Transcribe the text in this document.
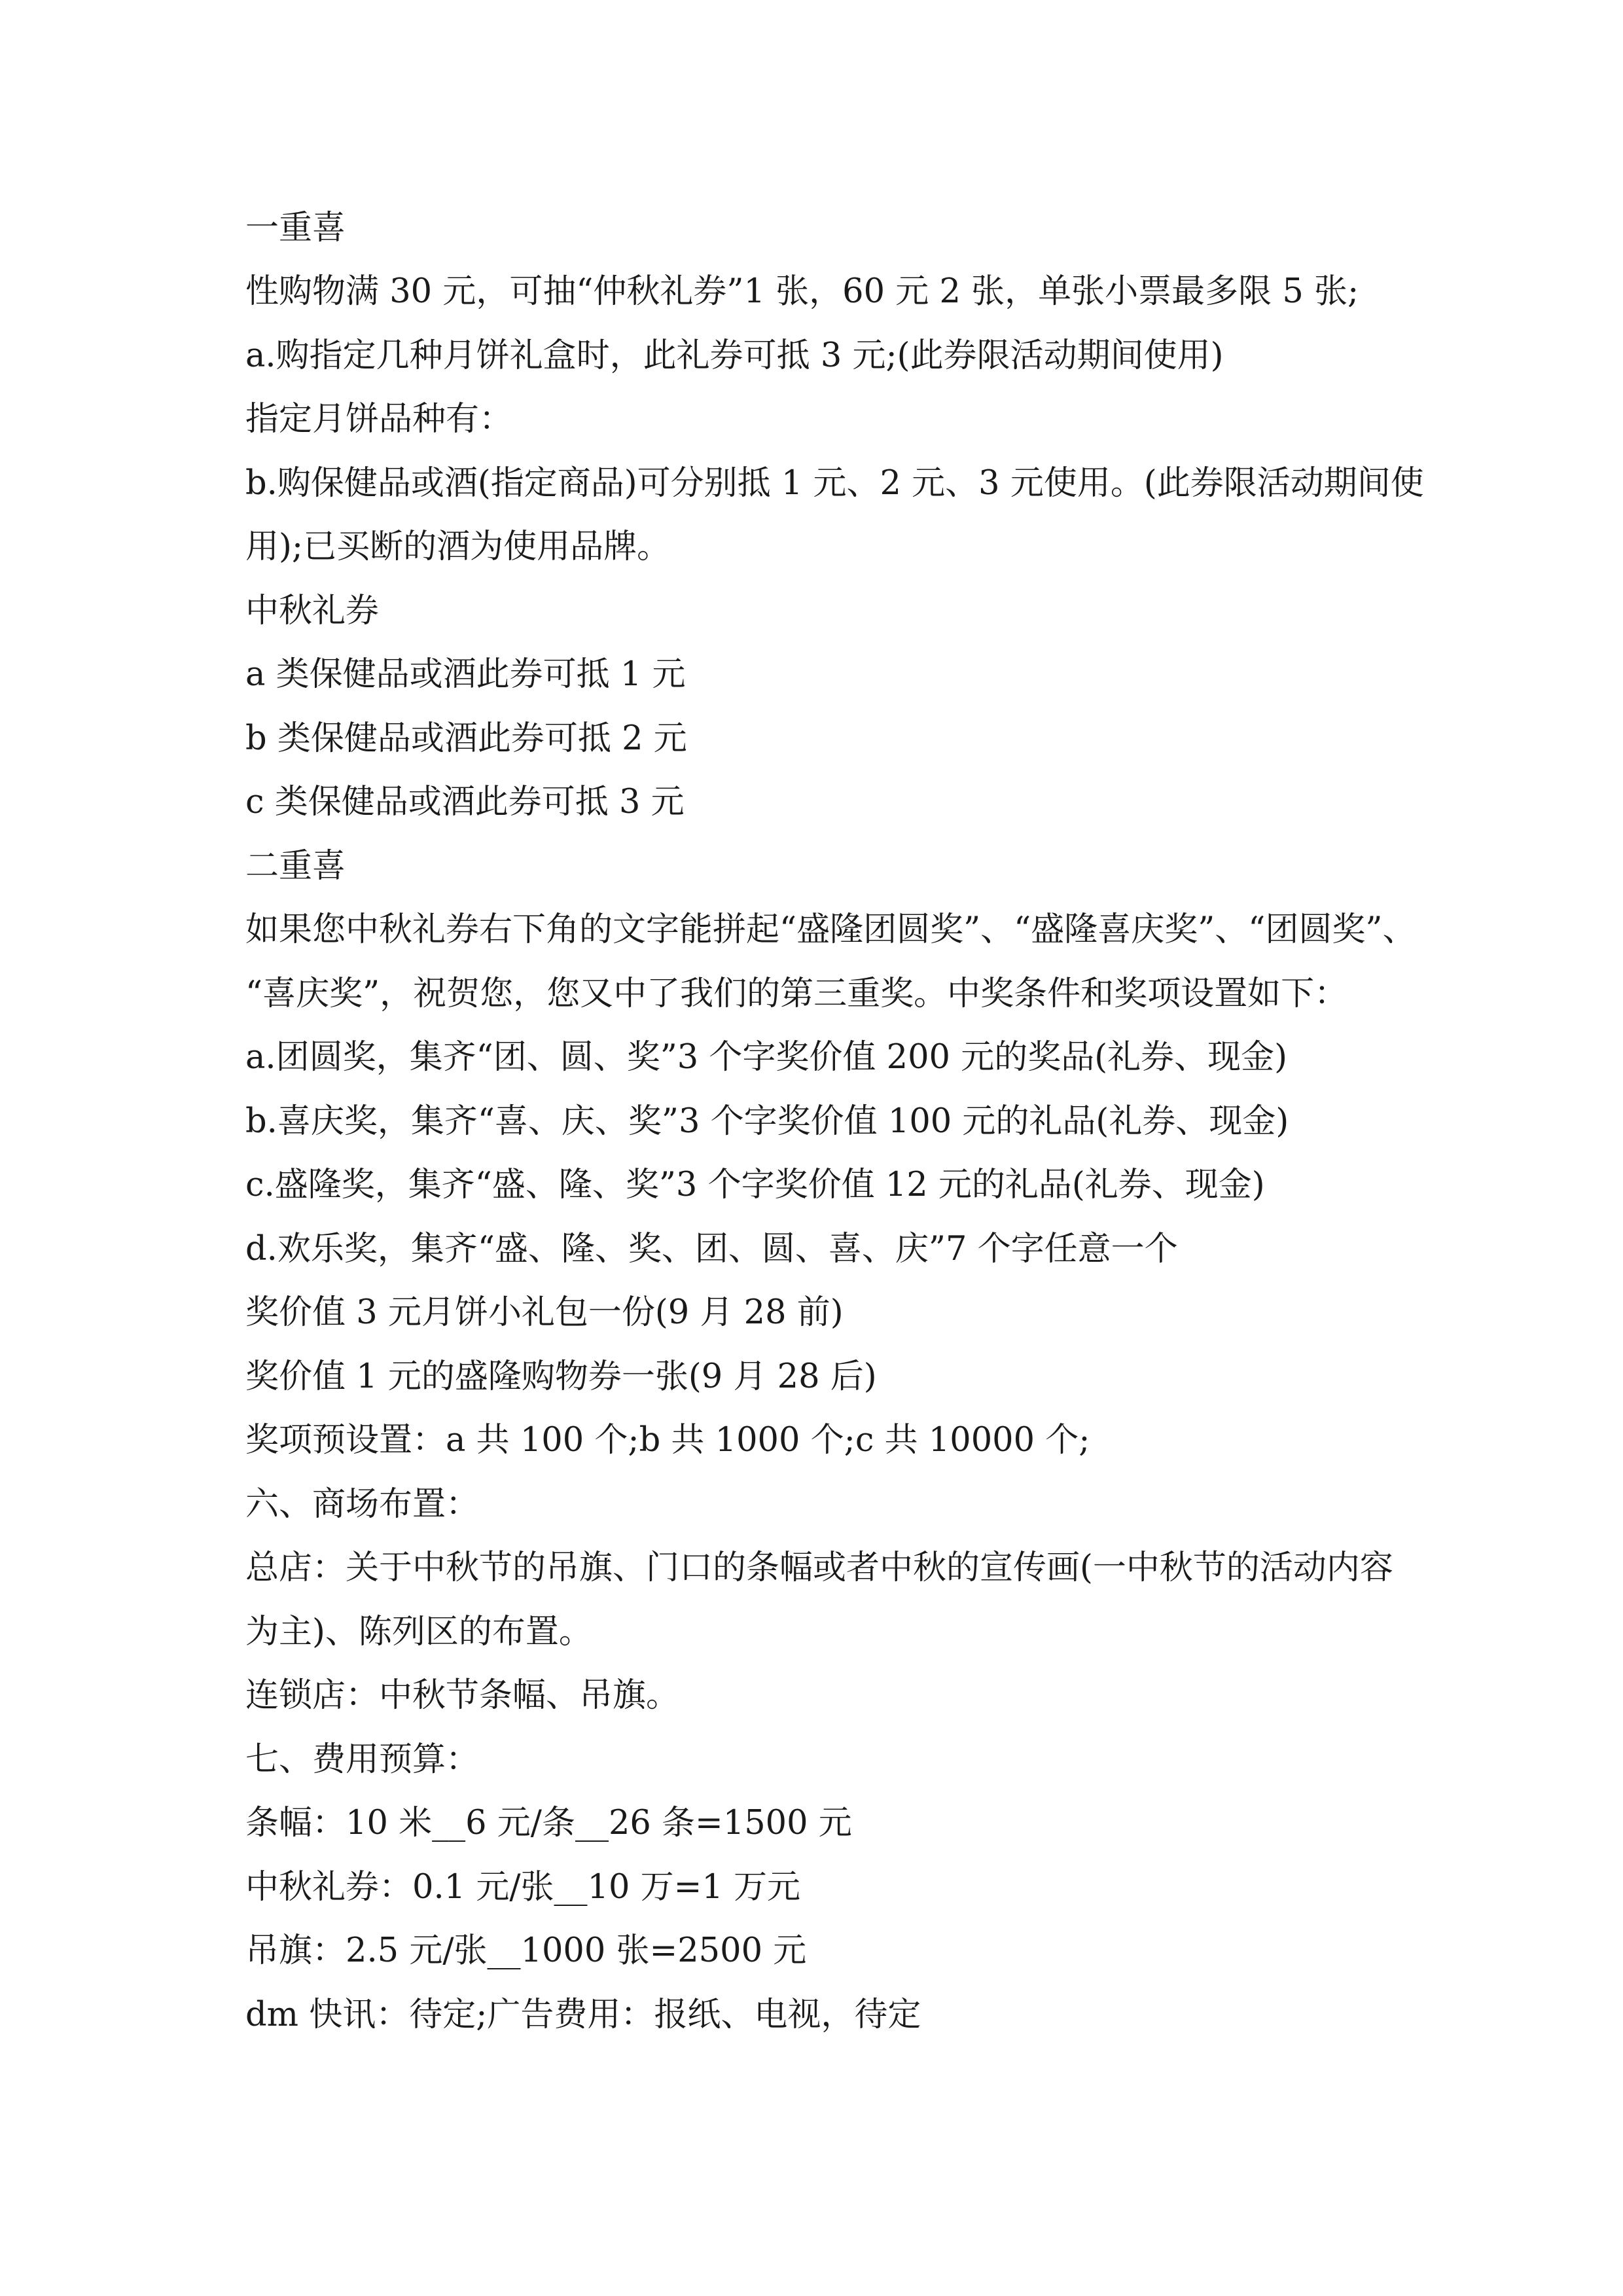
一重喜

性购物满 30 元，可抽“仲秋礼券”1 张，60 元 2 张，单张小票最多限 5 张;

a.购指定几种月饼礼盒时，此礼券可抵 3 元;(此券限活动期间使用)

指定月饼品种有：

b.购保健品或酒(指定商品)可分别抵 1 元、2 元、3 元使用。(此券限活动期间使

用);已买断的酒为使用品牌。

中秋礼券

a 类保健品或酒此券可抵 1 元

b 类保健品或酒此券可抵 2 元

c 类保健品或酒此券可抵 3 元

二重喜

如果您中秋礼券右下角的文字能拼起“盛隆团圆奖”、“盛隆喜庆奖”、“团圆奖”、

“喜庆奖”，祝贺您，您又中了我们的第三重奖。中奖条件和奖项设置如下：

a.团圆奖，集齐“团、圆、奖”3 个字奖价值 200 元的奖品(礼券、现金)

b.喜庆奖，集齐“喜、庆、奖”3 个字奖价值 100 元的礼品(礼券、现金)

c.盛隆奖，集齐“盛、隆、奖”3 个字奖价值 12 元的礼品(礼券、现金)

d.欢乐奖，集齐“盛、隆、奖、团、圆、喜、庆”7 个字任意一个

奖价值 3 元月饼小礼包一份(9 月 28 前)

奖价值 1 元的盛隆购物券一张(9 月 28 后)

奖项预设置：a 共 100 个;b 共 1000 个;c 共 10000 个;

六、商场布置：

总店：关于中秋节的吊旗、门口的条幅或者中秋的宣传画(一中秋节的活动内容

为主)、陈列区的布置。

连锁店：中秋节条幅、吊旗。

七、费用预算：

条幅：10 米__6 元/条__26 条=1500 元

中秋礼券：0.1 元/张__10 万=1 万元

吊旗：2.5 元/张__1000 张=2500 元

dm 快讯：待定;广告费用：报纸、电视，待定
